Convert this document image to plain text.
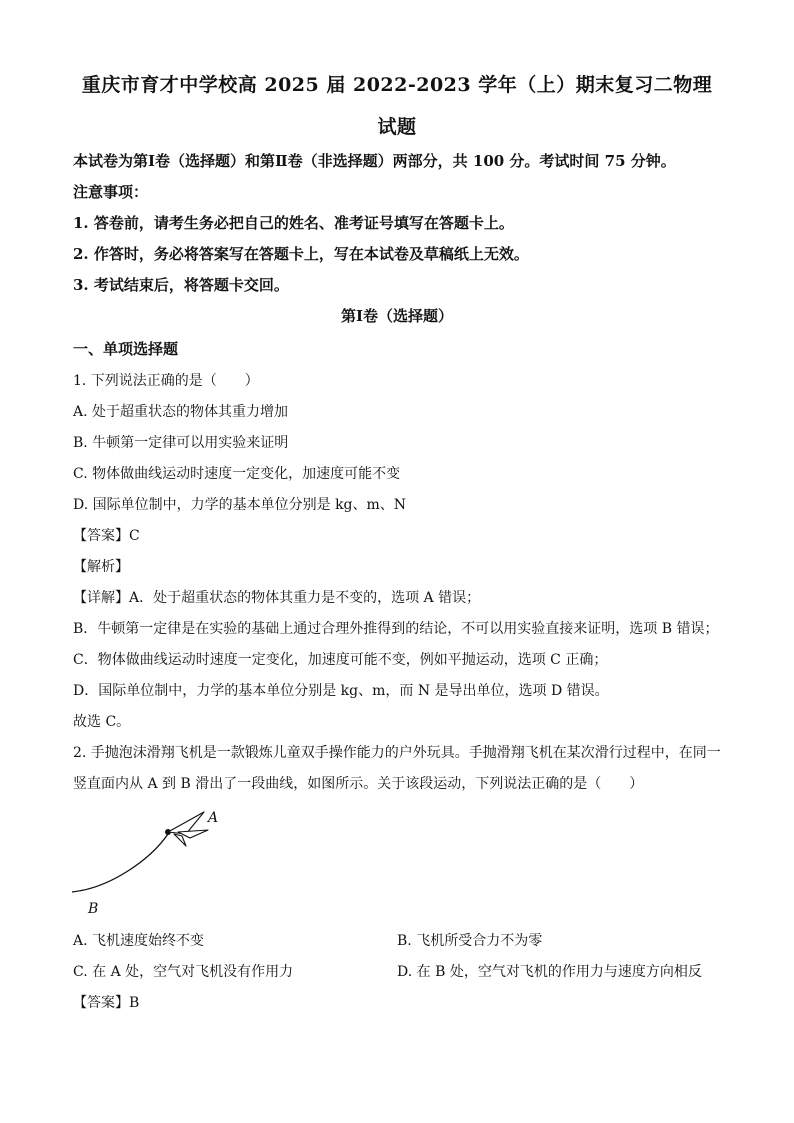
重庆市育才中学校高 2025 届 2022-2023 学年（上）期末复习二物理
试题
本试卷为第Ⅰ卷（选择题）和第Ⅱ卷（非选择题）两部分，共 100 分。考试时间 75 分钟。
注意事项：
1. 答卷前，请考生务必把自己的姓名、准考证号填写在答题卡上。
2. 作答时，务必将答案写在答题卡上，写在本试卷及草稿纸上无效。
3. 考试结束后，将答题卡交回。
第Ⅰ卷（选择题）
一、单项选择题
1. 下列说法正确的是（　　）
A. 处于超重状态的物体其重力增加
B. 牛顿第一定律可以用实验来证明
C. 物体做曲线运动时速度一定变化，加速度可能不变
D. 国际单位制中，力学的基本单位分别是 kg、m、N
【答案】C
【解析】
【详解】A．处于超重状态的物体其重力是不变的，选项 A 错误；
B．牛顿第一定律是在实验的基础上通过合理外推得到的结论，不可以用实验直接来证明，选项 B 错误；
C．物体做曲线运动时速度一定变化，加速度可能不变，例如平抛运动，选项 C 正确；
D．国际单位制中，力学的基本单位分别是 kg、m，而 N 是导出单位，选项 D 错误。
故选 C。
2. 手抛泡沫滑翔飞机是一款锻炼儿童双手操作能力的户外玩具。手抛滑翔飞机在某次滑行过程中，在同一
竖直面内从 A 到 B 滑出了一段曲线，如图所示。关于该段运动，下列说法正确的是（　　）
A
B
A. 飞机速度始终不变	B. 飞机所受合力不为零
C. 在 A 处，空气对飞机没有作用力	D. 在 B 处，空气对飞机的作用力与速度方向相反
【答案】B
